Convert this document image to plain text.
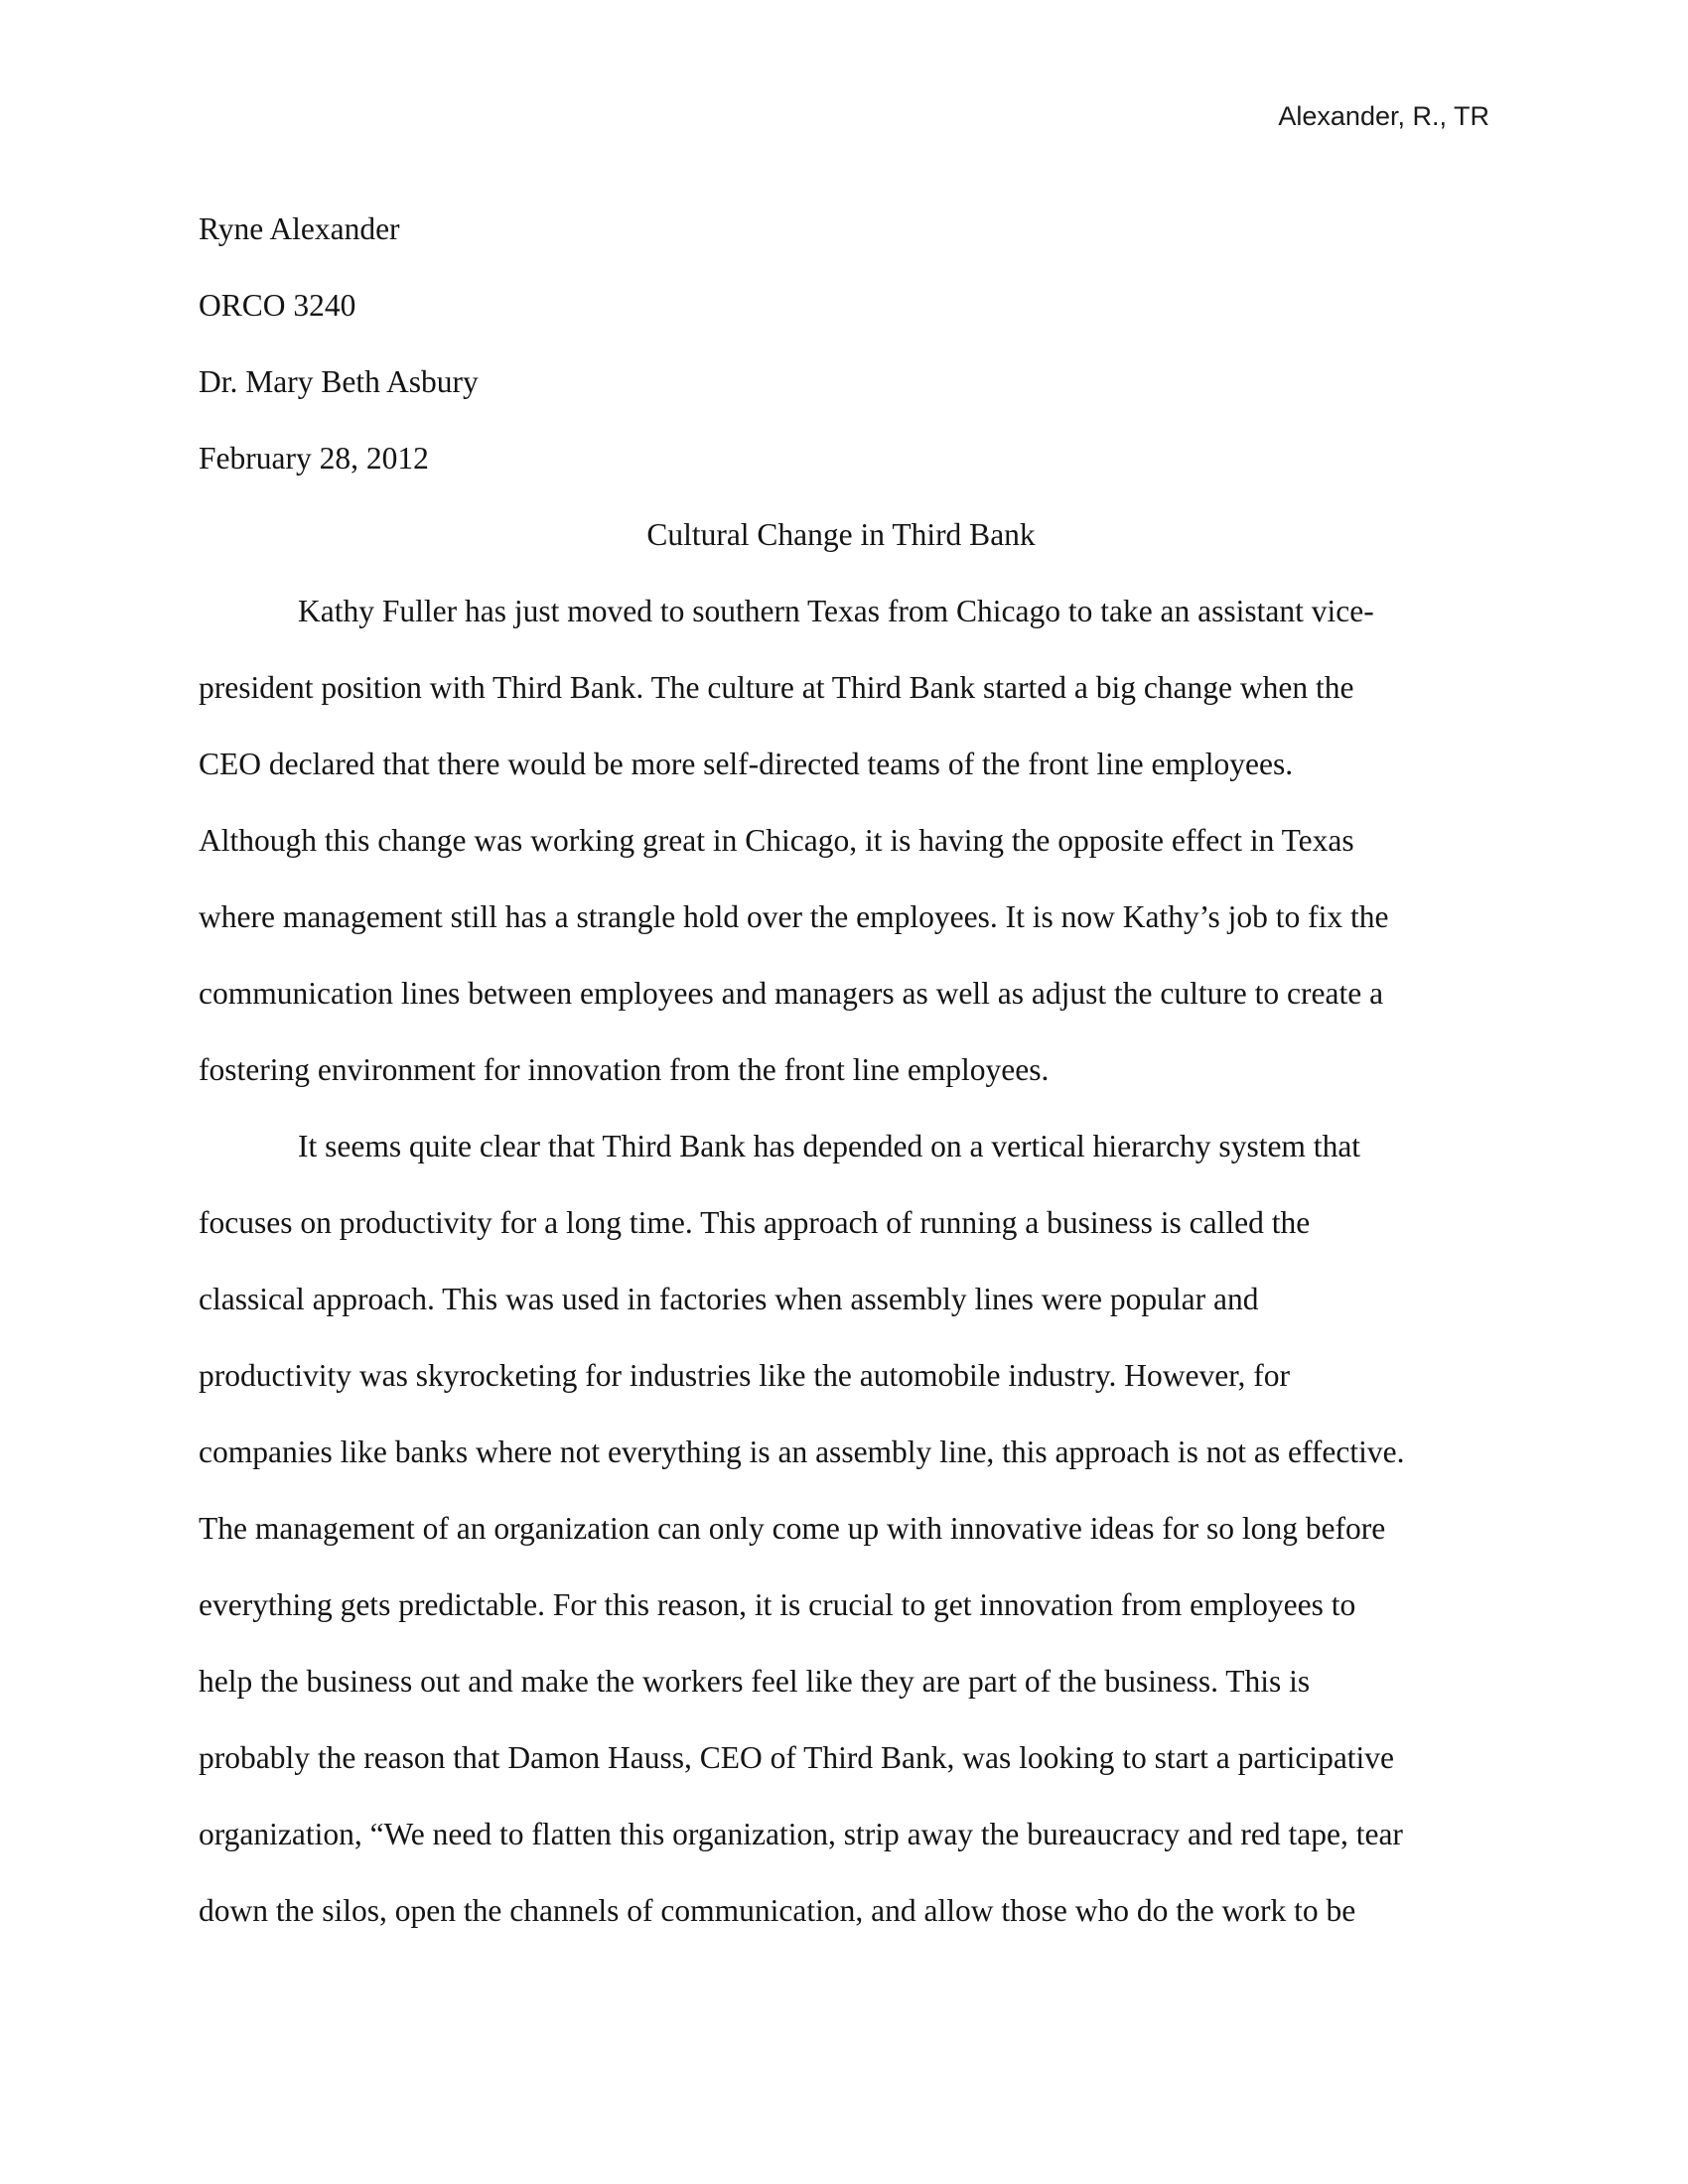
Alexander, R., TR
Ryne Alexander
ORCO 3240
Dr. Mary Beth Asbury
February 28, 2012
Cultural Change in Third Bank
Kathy Fuller has just moved to southern Texas from Chicago to take an assistant vice-
president position with Third Bank. The culture at Third Bank started a big change when the
CEO declared that there would be more self-directed teams of the front line employees.
Although this change was working great in Chicago, it is having the opposite effect in Texas
where management still has a strangle hold over the employees. It is now Kathy’s job to fix the
communication lines between employees and managers as well as adjust the culture to create a
fostering environment for innovation from the front line employees.
It seems quite clear that Third Bank has depended on a vertical hierarchy system that
focuses on productivity for a long time. This approach of running a business is called the
classical approach. This was used in factories when assembly lines were popular and
productivity was skyrocketing for industries like the automobile industry. However, for
companies like banks where not everything is an assembly line, this approach is not as effective.
The management of an organization can only come up with innovative ideas for so long before
everything gets predictable. For this reason, it is crucial to get innovation from employees to
help the business out and make the workers feel like they are part of the business. This is
probably the reason that Damon Hauss, CEO of Third Bank, was looking to start a participative
organization, “We need to flatten this organization, strip away the bureaucracy and red tape, tear
down the silos, open the channels of communication, and allow those who do the work to be
